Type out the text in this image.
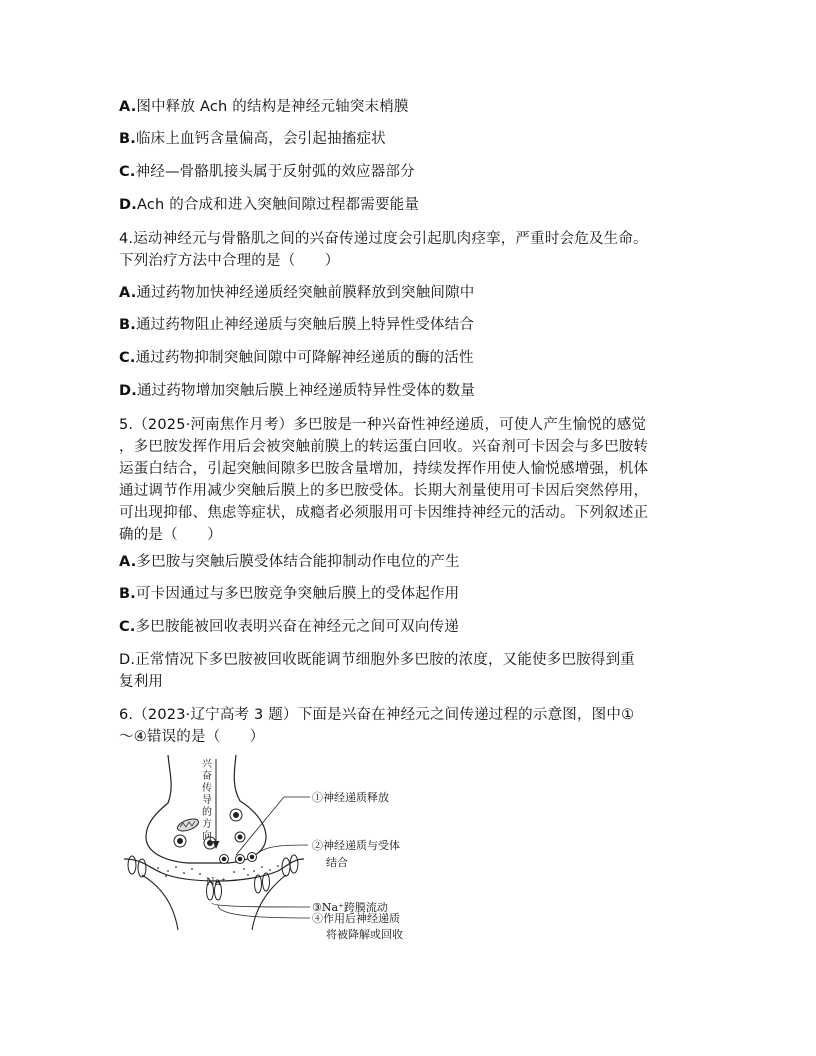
A.图中释放 Ach 的结构是神经元轴突末梢膜
B.临床上血钙含量偏高，会引起抽搐症状
C.神经—骨骼肌接头属于反射弧的效应器部分
D.Ach 的合成和进入突触间隙过程都需要能量
4.运动神经元与骨骼肌之间的兴奋传递过度会引起肌肉痉挛，严重时会危及生命。
下列治疗方法中合理的是（　　）
A.通过药物加快神经递质经突触前膜释放到突触间隙中
B.通过药物阻止神经递质与突触后膜上特异性受体结合
C.通过药物抑制突触间隙中可降解神经递质的酶的活性
D.通过药物增加突触后膜上神经递质特异性受体的数量
5.（2025·河南焦作月考）多巴胺是一种兴奋性神经递质，可使人产生愉悦的感觉
，多巴胺发挥作用后会被突触前膜上的转运蛋白回收。兴奋剂可卡因会与多巴胺转
运蛋白结合，引起突触间隙多巴胺含量增加，持续发挥作用使人愉悦感增强，机体
通过调节作用减少突触后膜上的多巴胺受体。长期大剂量使用可卡因后突然停用，
可出现抑郁、焦虑等症状，成瘾者必须服用可卡因维持神经元的活动。下列叙述正
确的是（　　）
A.多巴胺与突触后膜受体结合能抑制动作电位的产生
B.可卡因通过与多巴胺竞争突触后膜上的受体起作用
C.多巴胺能被回收表明兴奋在神经元之间可双向传递
D.正常情况下多巴胺被回收既能调节细胞外多巴胺的浓度，又能使多巴胺得到重
复利用
6.（2023·辽宁高考 3 题）下面是兴奋在神经元之间传递过程的示意图，图中①
～④错误的是（　　）
兴
奋
传
导
的
方
向
Na⁺
①神经递质释放
②神经递质与受体
结合
③Na⁺跨膜流动
④作用后神经递质
将被降解或回收
